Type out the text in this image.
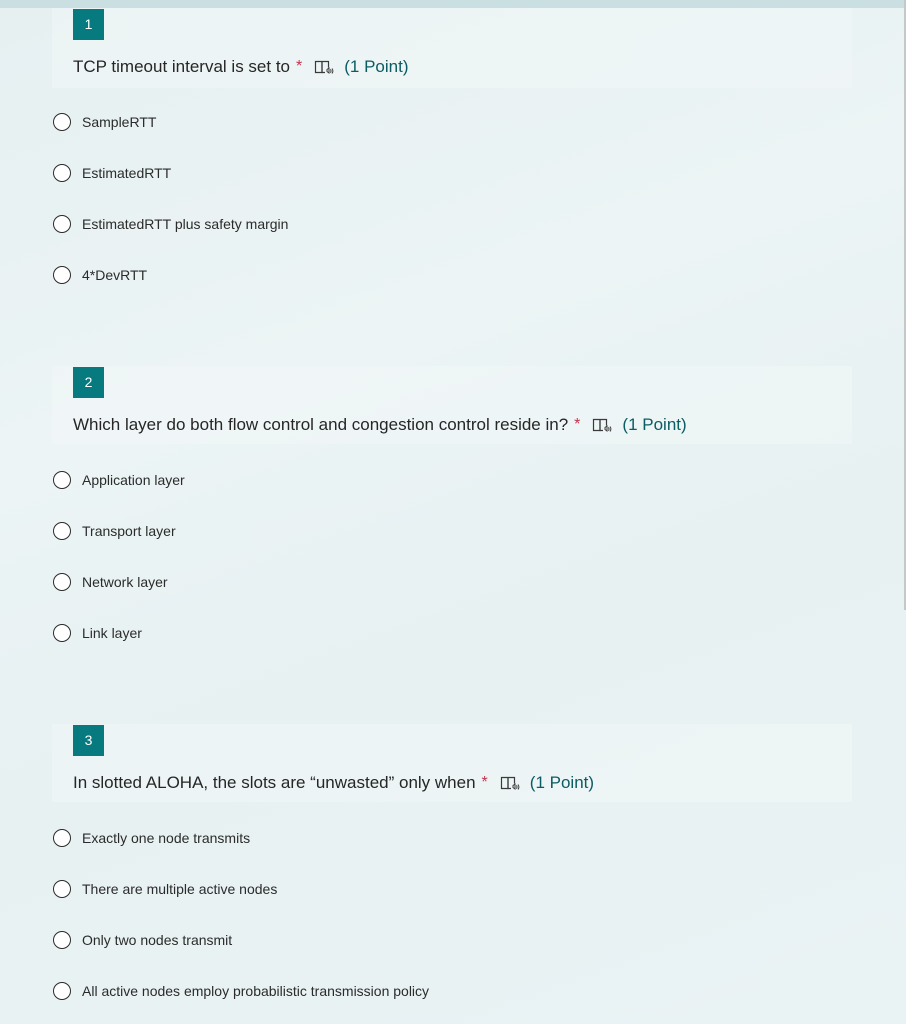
1
TCP timeout interval is set to * (1 Point)
SampleRTT
EstimatedRTT
EstimatedRTT plus safety margin
4*DevRTT
2
Which layer do both flow control and congestion control reside in? * (1 Point)
Application layer
Transport layer
Network layer
Link layer
3
In slotted ALOHA, the slots are “unwasted” only when * (1 Point)
Exactly one node transmits
There are multiple active nodes
Only two nodes transmit
All active nodes employ probabilistic transmission policy
